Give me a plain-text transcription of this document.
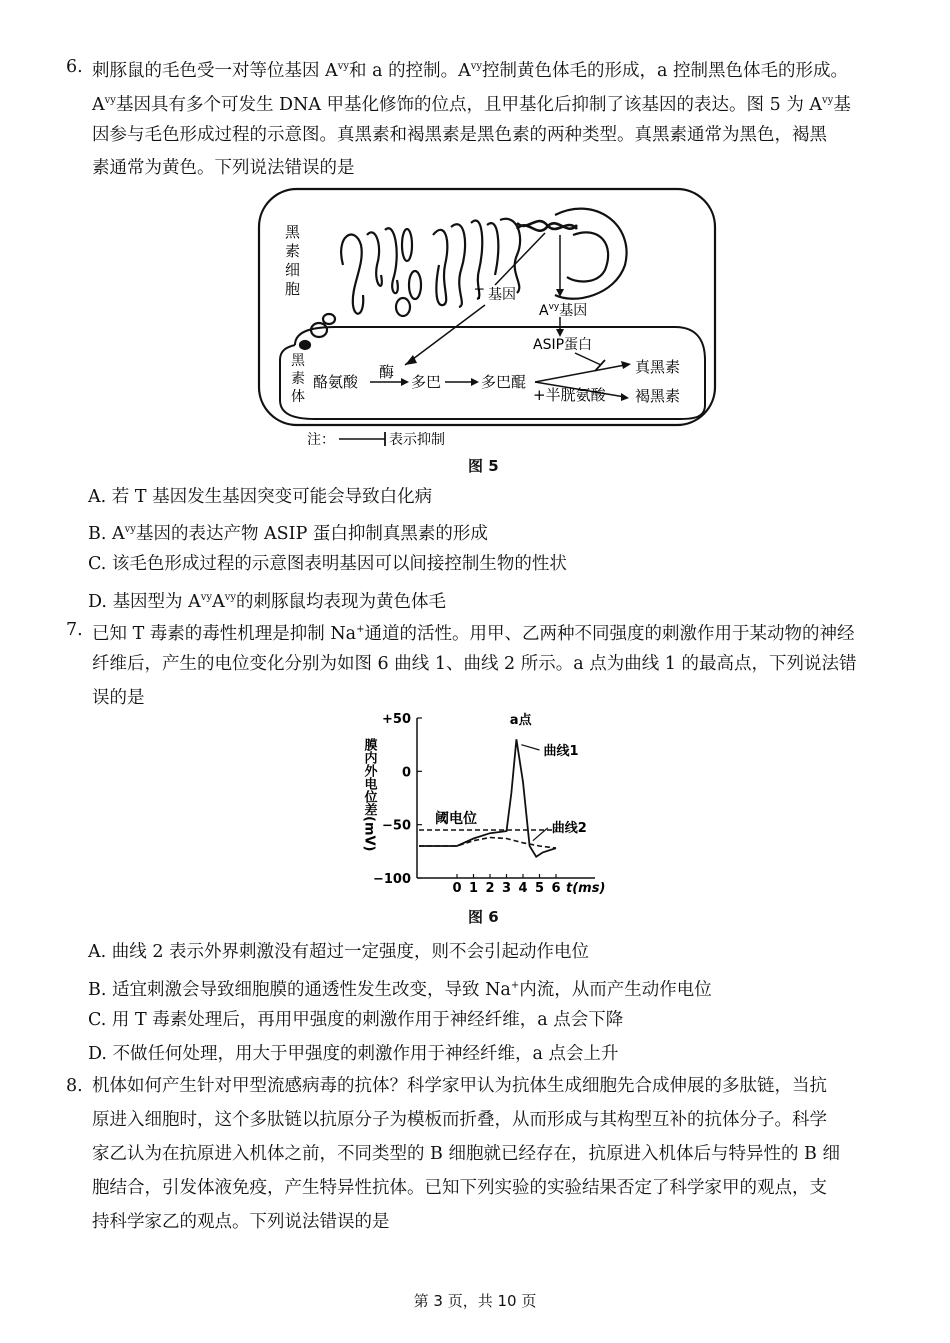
6. 刺豚鼠的毛色受一对等位基因 $A^{vy}$和 a 的控制。$A^{vy}$控制黄色体毛的形成，a 控制黑色体毛的形成。
$A^{vy}$基因具有多个可发生 DNA 甲基化修饰的位点，且甲基化后抑制了该基因的表达。图 5 为 $A^{vy}$基
因参与毛色形成过程的示意图。真黑素和褐黑素是黑色素的两种类型。真黑素通常为黑色，褐黑
素通常为黄色。下列说法错误的是
黑
素
细
胞	T 基因
$A^{vy}$基因
黑
素
体
ASIP蛋白
酪氨酸
酶
多巴	多巴醌
+半胱氨酸
真黑素
褐黑素
注：	表示抑制
图 5
A. 若 T 基因发生基因突变可能会导致白化病
B. $A^{vy}$基因的表达产物 ASIP 蛋白抑制真黑素的形成
C. 该毛色形成过程的示意图表明基因可以间接控制生物的性状
D. 基因型为 $A^{vy}A^{vy}$的刺豚鼠均表现为黄色体毛
7. 已知 T 毒素的毒性机理是抑制 Na+通道的活性。用甲、乙两种不同强度的刺激作用于某动物的神经
纤维后，产生的电位变化分别为如图 6 曲线 1、曲线 2 所示。a 点为曲线 1 的最高点，下列说法错
误的是
+50
0
−50
−100
0 1 2 3 4 5 6 t(ms)
膜内外电位差(mV)	阈电位
a点
曲线1
曲线2
图 6
A. 曲线 2 表示外界刺激没有超过一定强度，则不会引起动作电位
B. 适宜刺激会导致细胞膜的通透性发生改变，导致 Na+内流，从而产生动作电位
C. 用 T 毒素处理后，再用甲强度的刺激作用于神经纤维，a 点会下降
D. 不做任何处理，用大于甲强度的刺激作用于神经纤维，a 点会上升
8. 机体如何产生针对甲型流感病毒的抗体？科学家甲认为抗体生成细胞先合成伸展的多肽链，当抗
原进入细胞时，这个多肽链以抗原分子为模板而折叠，从而形成与其构型互补的抗体分子。科学
家乙认为在抗原进入机体之前，不同类型的 B 细胞就已经存在，抗原进入机体后与特异性的 B 细
胞结合，引发体液免疫，产生特异性抗体。已知下列实验的实验结果否定了科学家甲的观点，支
持科学家乙的观点。下列说法错误的是
第 3 页，共 10 页
